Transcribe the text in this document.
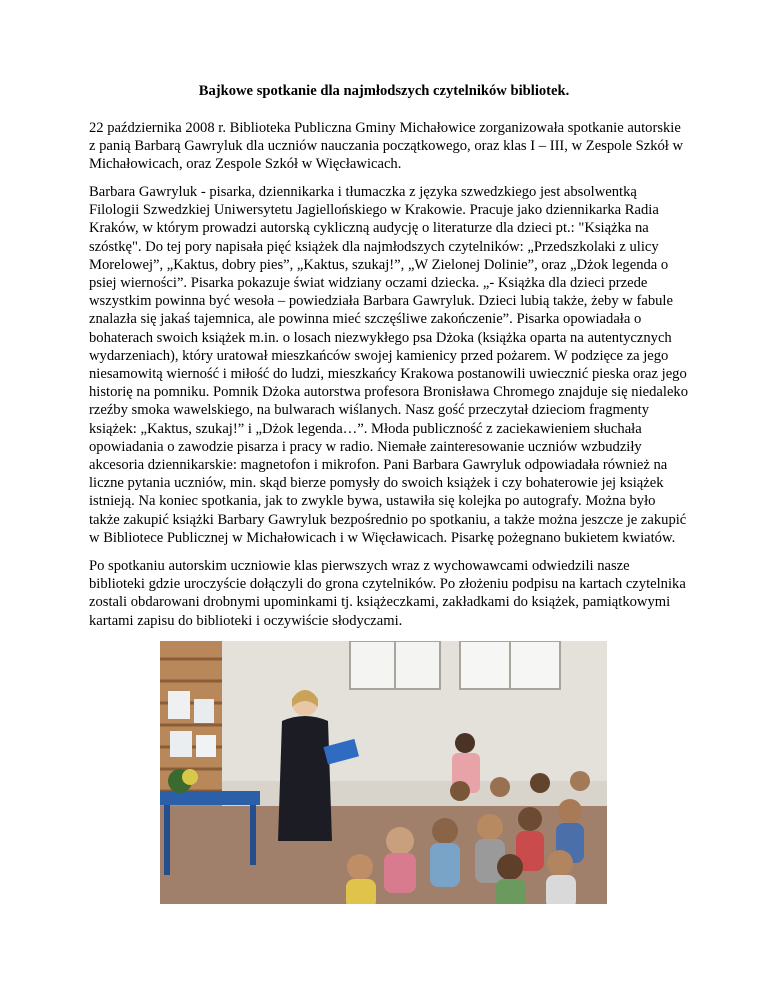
Bajkowe spotkanie dla najmłodszych czytelników bibliotek.

22 października 2008 r. Biblioteka Publiczna Gminy Michałowice zorganizowała spotkanie autorskie z panią Barbarą Gawryluk dla uczniów nauczania początkowego, oraz klas I – III, w Zespole Szkół w Michałowicach, oraz Zespole Szkół w Więcławicach.

Barbara Gawryluk - pisarka, dziennikarka i tłumaczka z języka szwedzkiego jest absolwentką Filologii Szwedzkiej Uniwersytetu Jagiellońskiego w Krakowie. Pracuje jako dziennikarka Radia Kraków, w którym prowadzi autorską cykliczną audycję o literaturze dla dzieci pt.: "Książka na szóstkę". Do tej pory napisała pięć książek dla najmłodszych czytelników: „Przedszkolaki z ulicy Morelowej”, „Kaktus, dobry pies”, „Kaktus, szukaj!”, „W Zielonej Dolinie”, oraz „Dżok legenda o psiej wierności”. Pisarka pokazuje świat widziany oczami dziecka. „- Książka dla dzieci przede wszystkim powinna być wesoła – powiedziała Barbara Gawryluk. Dzieci lubią także, żeby w fabule znalazła się jakaś tajemnica, ale powinna mieć szczęśliwe zakończenie”. Pisarka opowiadała o bohaterach swoich książek m.in. o losach niezwykłego psa Dżoka (książka oparta na autentycznych wydarzeniach), który uratował mieszkańców swojej kamienicy przed pożarem. W podzięce za jego niesamowitą wierność i miłość do ludzi, mieszkańcy Krakowa postanowili uwiecznić pieska oraz jego historię na pomniku. Pomnik Dżoka autorstwa profesora Bronisława Chromego znajduje się niedaleko rzeźby smoka wawelskiego, na bulwarach wiślanych. Nasz gość przeczytał dzieciom fragmenty książek: „Kaktus, szukaj!” i „Dżok legenda…”. Młoda publiczność z zaciekawieniem słuchała opowiadania o zawodzie pisarza i pracy w radio. Niemałe zainteresowanie uczniów wzbudziły akcesoria dziennikarskie: magnetofon i mikrofon. Pani Barbara Gawryluk odpowiadała również na liczne pytania uczniów, min. skąd bierze pomysły do swoich książek i czy bohaterowie jej książek istnieją. Na koniec spotkania, jak to zwykle bywa, ustawiła się kolejka po autografy. Można było także zakupić książki Barbary Gawryluk bezpośrednio po spotkaniu, a także można jeszcze je zakupić w Bibliotece Publicznej w Michałowicach i w Więcławicach. Pisarkę pożegnano bukietem kwiatów.

Po spotkaniu autorskim uczniowie klas pierwszych wraz z wychowawcami odwiedzili nasze biblioteki gdzie uroczyście dołączyli do grona czytelników. Po złożeniu podpisu na kartach czytelnika zostali obdarowani drobnymi upominkami tj. książeczkami, zakładkami do książek, pamiątkowymi kartami zapisu do biblioteki i oczywiście słodyczami.
